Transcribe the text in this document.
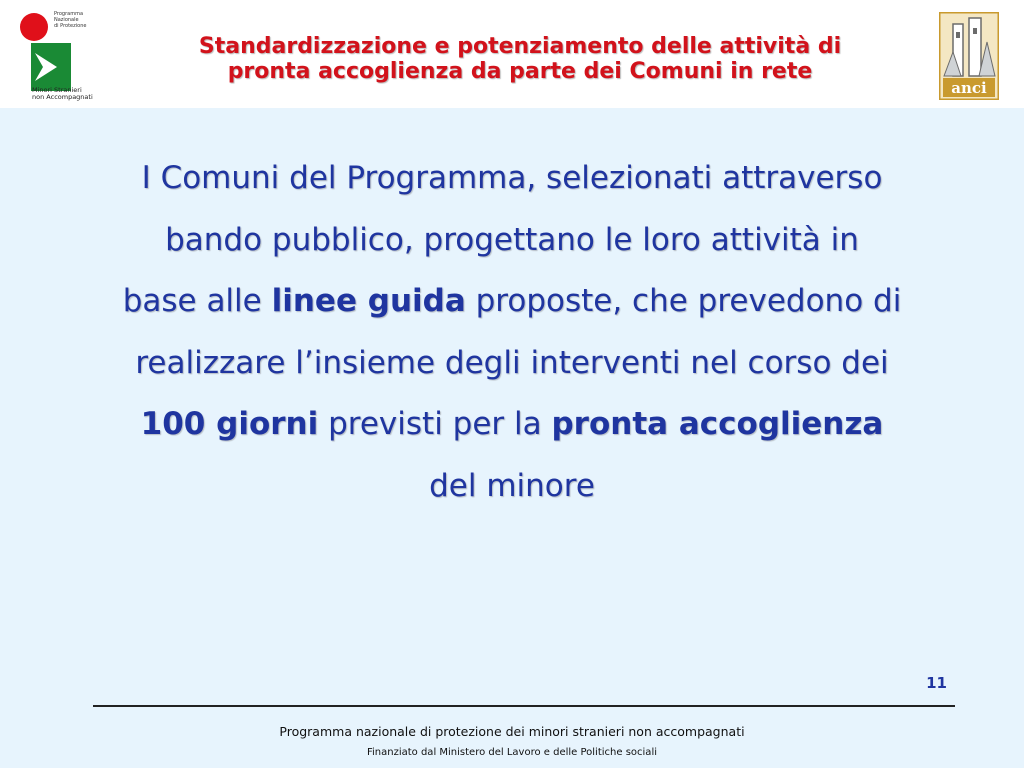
Programma
Nazionale
di Protezione
Minori Stranieri
non Accompagnati
Standardizzazione e potenziamento delle attività di
pronta accoglienza da parte dei Comuni in rete
anci
I Comuni del Programma, selezionati attraverso
bando pubblico, progettano le loro attività in
base alle linee guida proposte, che prevedono di
realizzare l’insieme degli interventi nel corso dei
100 giorni previsti per la pronta accoglienza
del minore
11
Programma nazionale di protezione dei minori stranieri non accompagnati
Finanziato dal Ministero del Lavoro e delle Politiche sociali
